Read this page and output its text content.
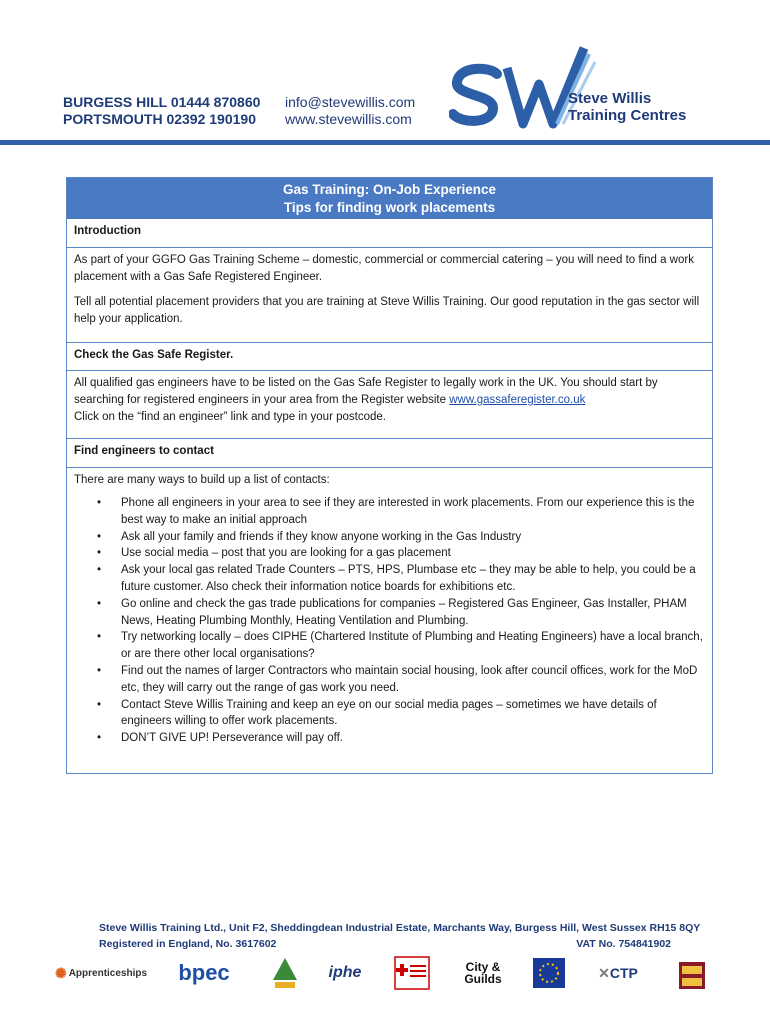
BURGESS HILL 01444 870860
PORTSMOUTH 02392 190190
info@stevewillis.com
www.stevewillis.com
Steve Willis
Training Centres
Gas Training: On-Job Experience
Tips for finding work placements
Introduction

As part of your GGFO Gas Training Scheme – domestic, commercial or commercial catering – you will need to find a work placement with a Gas Safe Registered Engineer.

Tell all potential placement providers that you are training at Steve Willis Training. Our good reputation in the gas sector will help your application.

Check the Gas Safe Register.

All qualified gas engineers have to be listed on the Gas Safe Register to legally work in the UK. You should start by searching for registered engineers in your area from the Register website www.gassaferegister.co.uk
Click on the “find an engineer” link and type in your postcode.

Find engineers to contact
There are many ways to build up a list of contacts:
• Phone all engineers in your area to see if they are interested in work placements. From our experience this is the best way to make an initial approach
• Ask all your family and friends if they know anyone working in the Gas Industry
• Use social media – post that you are looking for a gas placement
• Ask your local gas related Trade Counters – PTS, HPS, Plumbase etc – they may be able to help, you could be a future customer. Also check their information notice boards for exhibitions etc.
• Go online and check the gas trade publications for companies – Registered Gas Engineer, Gas Installer, PHAM News, Heating Plumbing Monthly, Heating Ventilation and Plumbing.
• Try networking locally – does CIPHE (Chartered Institute of Plumbing and Heating Engineers) have a local branch, or are there other local organisations?
• Find out the names of larger Contractors who maintain social housing, look after council offices, work for the MoD etc, they will carry out the range of gas work you need.
• Contact Steve Willis Training and keep an eye on our social media pages – sometimes we have details of engineers willing to offer work placements.
• DON’T GIVE UP! Perseverance will pay off.
Steve Willis Training Ltd., Unit F2, Sheddingdean Industrial Estate, Marchants Way, Burgess Hill, West Sussex RH15 8QY
Registered in England, No. 3617602	VAT No. 754841902
✺ Apprenticeships bpec	iphe	City & Guilds	✕ CTP
